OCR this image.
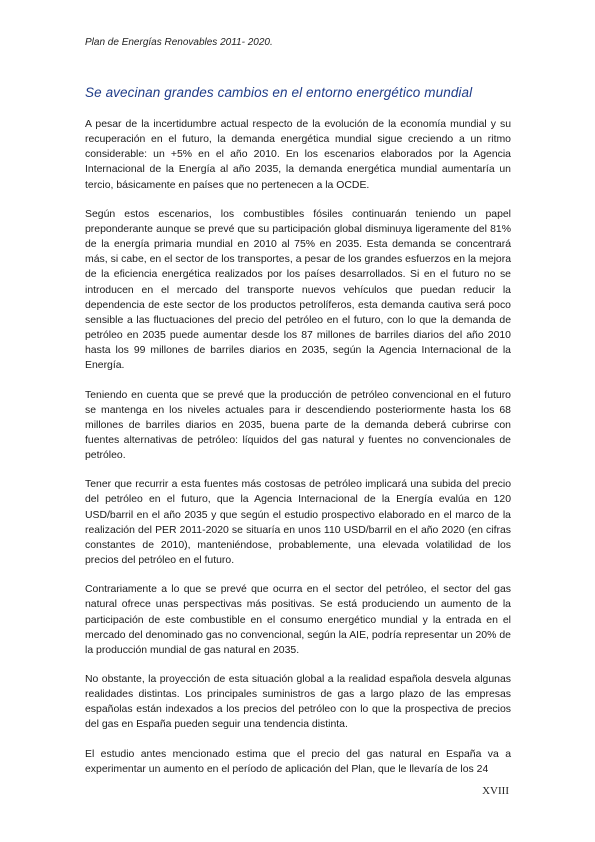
Plan de Energías Renovables 2011- 2020.
Se avecinan grandes cambios en el entorno energético mundial

A pesar de la incertidumbre actual respecto de la evolución de la economía mundial y su recuperación en el futuro, la demanda energética mundial sigue creciendo a un ritmo considerable: un +5% en el año 2010. En los escenarios elaborados por la Agencia Internacional de la Energía al año 2035, la demanda energética mundial aumentaría un tercio, básicamente en países que no pertenecen a la OCDE.

Según estos escenarios, los combustibles fósiles continuarán teniendo un papel preponderante aunque se prevé que su participación global disminuya ligeramente del 81% de la energía primaria mundial en 2010 al 75% en 2035. Esta demanda se concentrará más, si cabe, en el sector de los transportes, a pesar de los grandes esfuerzos en la mejora de la eficiencia energética realizados por los países desarrollados. Si en el futuro no se introducen en el mercado del transporte nuevos vehículos que puedan reducir la dependencia de este sector de los productos petrolíferos, esta demanda cautiva será poco sensible a las fluctuaciones del precio del petróleo en el futuro, con lo que la demanda de petróleo en 2035 puede aumentar desde los 87 millones de barriles diarios del año 2010 hasta los 99 millones de barriles diarios en 2035, según la Agencia Internacional de la Energía.

Teniendo en cuenta que se prevé que la producción de petróleo convencional en el futuro se mantenga en los niveles actuales para ir descendiendo posteriormente hasta los 68 millones de barriles diarios en 2035, buena parte de la demanda deberá cubrirse con fuentes alternativas de petróleo: líquidos del gas natural y fuentes no convencionales de petróleo.

Tener que recurrir a esta fuentes más costosas de petróleo implicará una subida del precio del petróleo en el futuro, que la Agencia Internacional de la Energía evalúa en 120 USD/barril en el año 2035 y que según el estudio prospectivo elaborado en el marco de la realización del PER 2011-2020 se situaría en unos 110 USD/barril en el año 2020 (en cifras constantes de 2010), manteniéndose, probablemente, una elevada volatilidad de los precios del petróleo en el futuro.

Contrariamente a lo que se prevé que ocurra en el sector del petróleo, el sector del gas natural ofrece unas perspectivas más positivas. Se está produciendo un aumento de la participación de este combustible en el consumo energético mundial y la entrada en el mercado del denominado gas no convencional, según la AIE, podría representar un 20% de la producción mundial de gas natural en 2035.

No obstante, la proyección de esta situación global a la realidad española desvela algunas realidades distintas. Los principales suministros de gas a largo plazo de las empresas españolas están indexados a los precios del petróleo con lo que la prospectiva de precios del gas en España pueden seguir una tendencia distinta.

El estudio antes mencionado estima que el precio del gas natural en España va a experimentar un aumento en el período de aplicación del Plan, que le llevaría de los 24

XVIII
